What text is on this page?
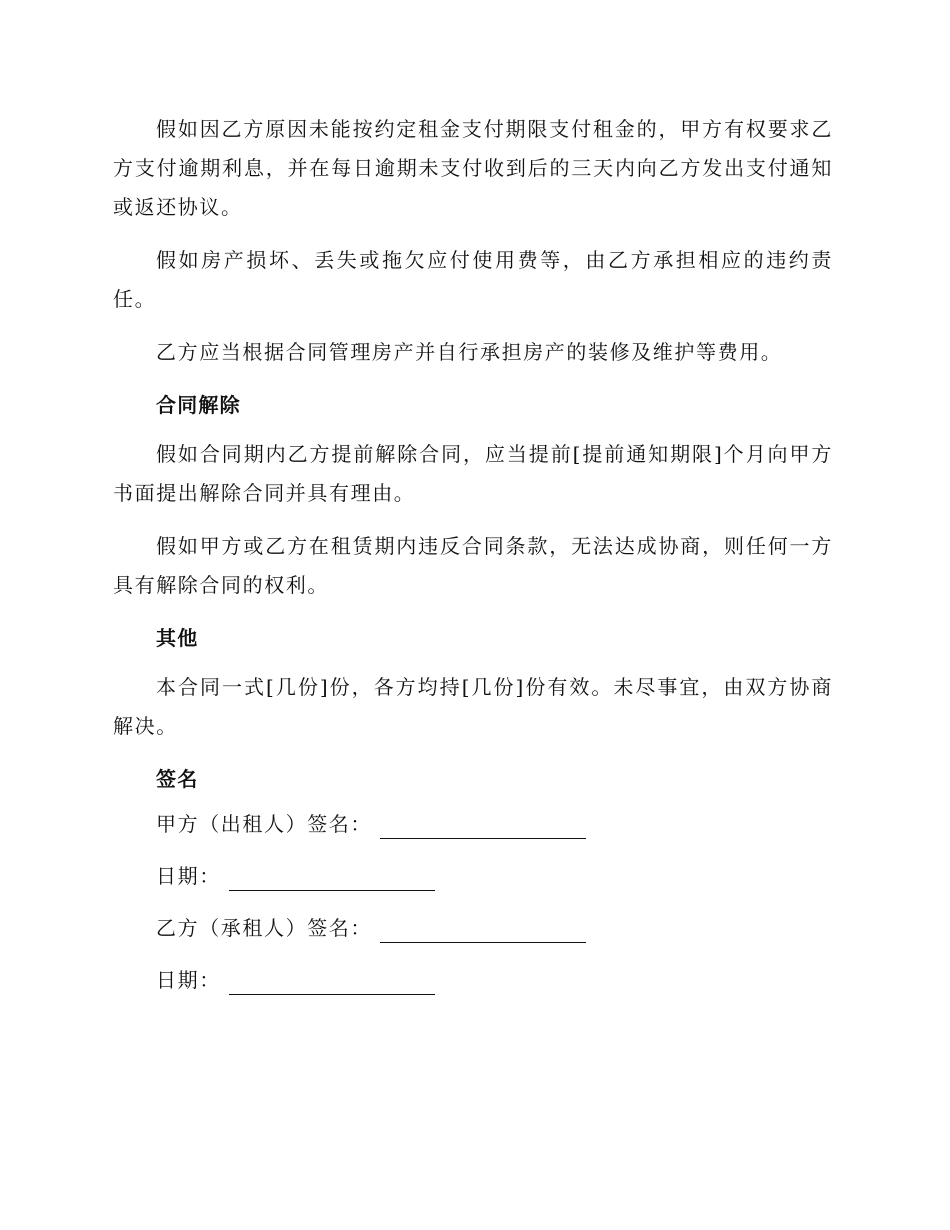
假如因乙方原因未能按约定租金支付期限支付租金的，甲方有权要求乙方支付逾期利息，并在每日逾期未支付收到后的三天内向乙方发出支付通知或返还协议。

假如房产损坏、丢失或拖欠应付使用费等，由乙方承担相应的违约责任。

乙方应当根据合同管理房产并自行承担房产的装修及维护等费用。

合同解除

假如合同期内乙方提前解除合同，应当提前[提前通知期限]个月向甲方书面提出解除合同并具有理由。

假如甲方或乙方在租赁期内违反合同条款，无法达成协商，则任何一方具有解除合同的权利。

其他

本合同一式[几份]份，各方均持[几份]份有效。未尽事宜，由双方协商解决。

签名
甲方（出租人）签名：
日期：
乙方（承租人）签名：
日期：
